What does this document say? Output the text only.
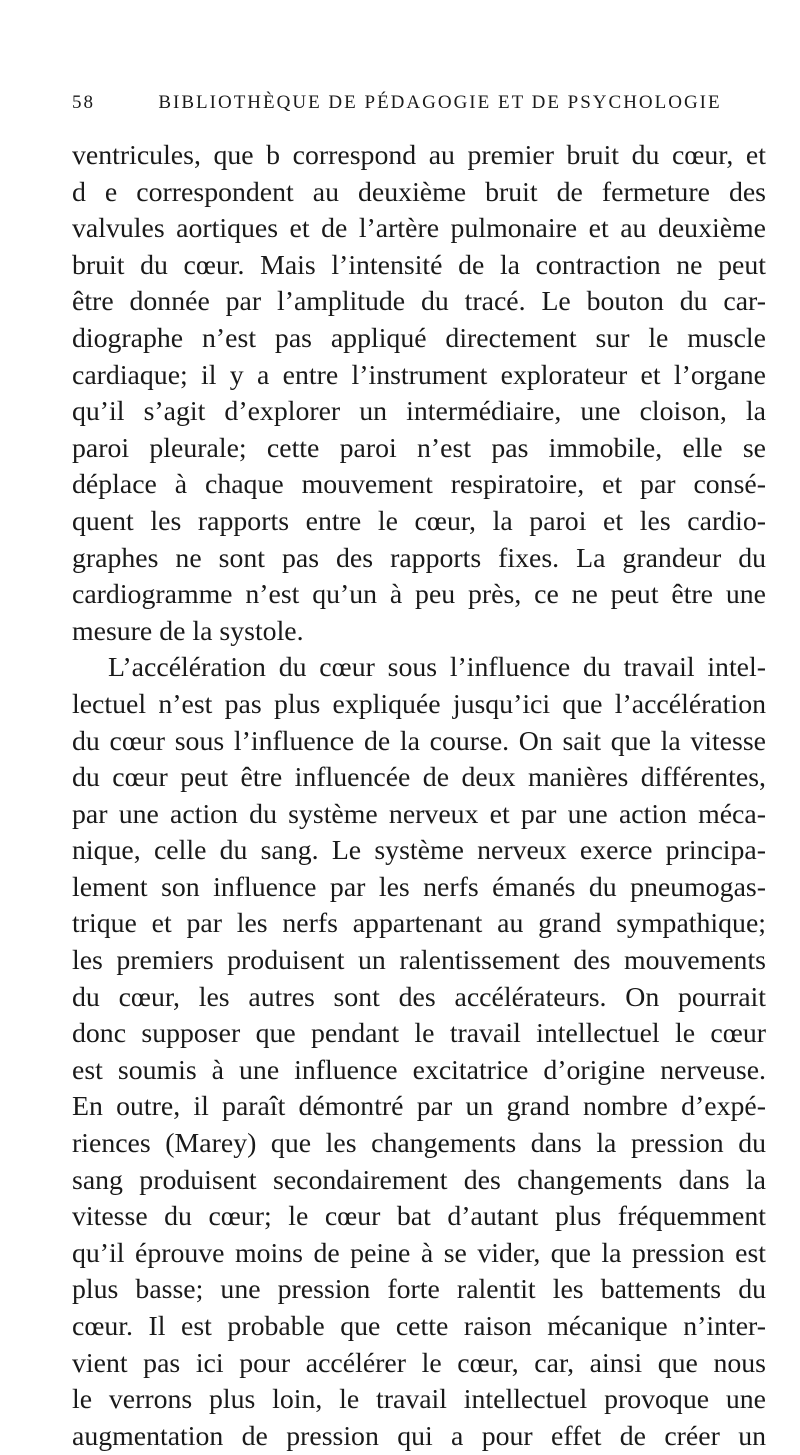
58	BIBLIOTHÈQUE DE PÉDAGOGIE ET DE PSYCHOLOGIE
ventricules, que b correspond au premier bruit du cœur, et
d e correspondent au deuxième bruit de fermeture des
valvules aortiques et de l’artère pulmonaire et au deuxième
bruit du cœur. Mais l’intensité de la contraction ne peut
être donnée par l’amplitude du tracé. Le bouton du car-
diographe n’est pas appliqué directement sur le muscle
cardiaque; il y a entre l’instrument explorateur et l’organe
qu’il s’agit d’explorer un intermédiaire, une cloison, la
paroi pleurale; cette paroi n’est pas immobile, elle se
déplace à chaque mouvement respiratoire, et par consé-
quent les rapports entre le cœur, la paroi et les cardio-
graphes ne sont pas des rapports fixes. La grandeur du
cardiogramme n’est qu’un à peu près, ce ne peut être une
mesure de la systole.
L’accélération du cœur sous l’influence du travail intel-
lectuel n’est pas plus expliquée jusqu’ici que l’accélération
du cœur sous l’influence de la course. On sait que la vitesse
du cœur peut être influencée de deux manières différentes,
par une action du système nerveux et par une action méca-
nique, celle du sang. Le système nerveux exerce principa-
lement son influence par les nerfs émanés du pneumogas-
trique et par les nerfs appartenant au grand sympathique;
les premiers produisent un ralentissement des mouvements
du cœur, les autres sont des accélérateurs. On pourrait
donc supposer que pendant le travail intellectuel le cœur
est soumis à une influence excitatrice d’origine nerveuse.
En outre, il paraît démontré par un grand nombre d’expé-
riences (Marey) que les changements dans la pression du
sang produisent secondairement des changements dans la
vitesse du cœur; le cœur bat d’autant plus fréquemment
qu’il éprouve moins de peine à se vider, que la pression est
plus basse; une pression forte ralentit les battements du
cœur. Il est probable que cette raison mécanique n’inter-
vient pas ici pour accélérer le cœur, car, ainsi que nous
le verrons plus loin, le travail intellectuel provoque une
augmentation de pression qui a pour effet de créer un
